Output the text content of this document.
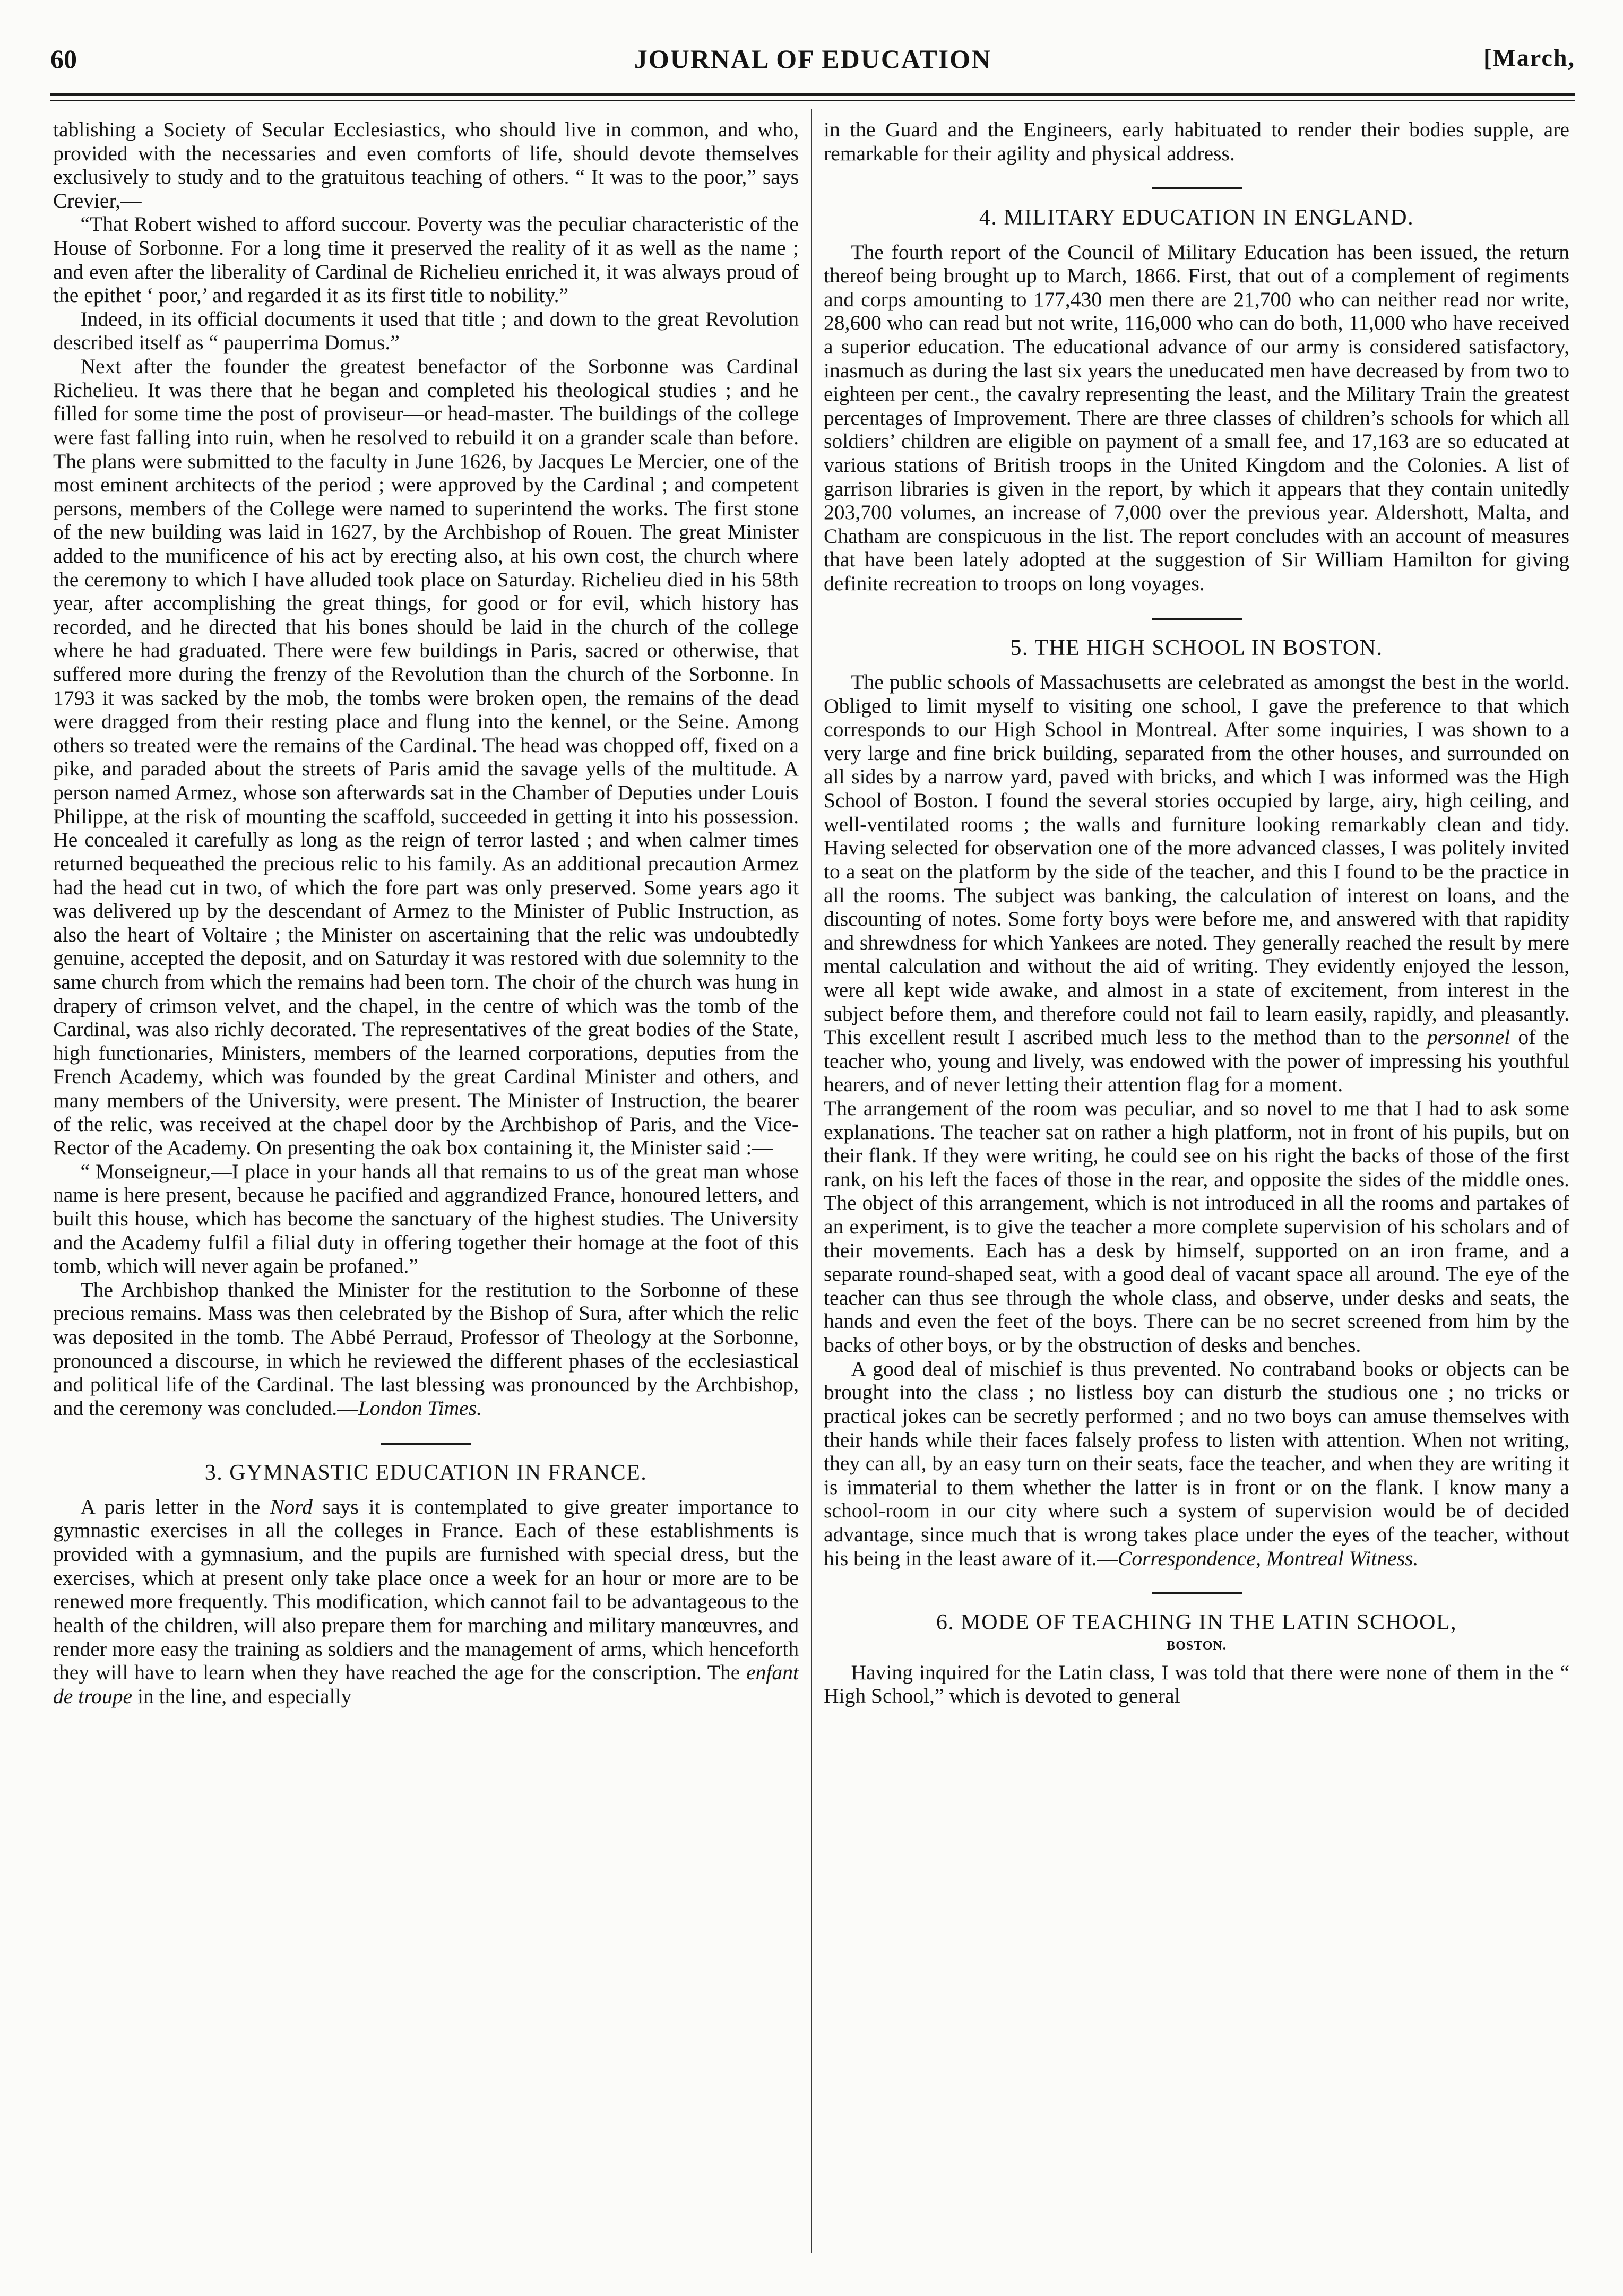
60	JOURNAL OF EDUCATION	[March,

tablishing a Society of Secular Ecclesiastics, who should live in common, and who, provided with the necessaries and even comforts of life, should devote themselves exclusively to study and to the gratuitous teaching of others. “ It was to the poor,” says Crevier,—

“That Robert wished to afford succour. Poverty was the peculiar characteristic of the House of Sorbonne. For a long time it preserved the reality of it as well as the name ; and even after the liberality of Cardinal de Richelieu enriched it, it was always proud of the epithet ‘ poor,’ and regarded it as its first title to nobility.”

Indeed, in its official documents it used that title ; and down to the great Revolution described itself as “ pauperrima Domus.”

Next after the founder the greatest benefactor of the Sorbonne was Cardinal Richelieu. It was there that he began and completed his theological studies ; and he filled for some time the post of proviseur—or head-master. The buildings of the college were fast falling into ruin, when he resolved to rebuild it on a grander scale than before. The plans were submitted to the faculty in June 1626, by Jacques Le Mercier, one of the most eminent architects of the period ; were approved by the Cardinal ; and competent persons, members of the College were named to superintend the works. The first stone of the new building was laid in 1627, by the Archbishop of Rouen. The great Minister added to the munificence of his act by erecting also, at his own cost, the church where the ceremony to which I have alluded took place on Saturday. Richelieu died in his 58th year, after accomplishing the great things, for good or for evil, which history has recorded, and he directed that his bones should be laid in the church of the college where he had graduated. There were few buildings in Paris, sacred or otherwise, that suffered more during the frenzy of the Revolution than the church of the Sorbonne. In 1793 it was sacked by the mob, the tombs were broken open, the remains of the dead were dragged from their resting place and flung into the kennel, or the Seine. Among others so treated were the remains of the Cardinal. The head was chopped off, fixed on a pike, and paraded about the streets of Paris amid the savage yells of the multitude. A person named Armez, whose son afterwards sat in the Chamber of Deputies under Louis Philippe, at the risk of mounting the scaffold, succeeded in getting it into his possession. He concealed it carefully as long as the reign of terror lasted ; and when calmer times returned bequeathed the precious relic to his family. As an additional precaution Armez had the head cut in two, of which the fore part was only preserved. Some years ago it was delivered up by the descendant of Armez to the Minister of Public Instruction, as also the heart of Voltaire ; the Minister on ascertaining that the relic was undoubtedly genuine, accepted the deposit, and on Saturday it was restored with due solemnity to the same church from which the remains had been torn. The choir of the church was hung in drapery of crimson velvet, and the chapel, in the centre of which was the tomb of the Cardinal, was also richly decorated. The representatives of the great bodies of the State, high functionaries, Ministers, members of the learned corporations, deputies from the French Academy, which was founded by the great Cardinal Minister and others, and many members of the University, were present. The Minister of Instruction, the bearer of the relic, was received at the chapel door by the Archbishop of Paris, and the Vice-Rector of the Academy. On presenting the oak box containing it, the Minister said :—

“ Monseigneur,—I place in your hands all that remains to us of the great man whose name is here present, because he pacified and aggrandized France, honoured letters, and built this house, which has become the sanctuary of the highest studies. The University and the Academy fulfil a filial duty in offering together their homage at the foot of this tomb, which will never again be profaned.”

The Archbishop thanked the Minister for the restitution to the Sorbonne of these precious remains. Mass was then celebrated by the Bishop of Sura, after which the relic was deposited in the tomb. The Abbé Perraud, Professor of Theology at the Sorbonne, pronounced a discourse, in which he reviewed the different phases of the ecclesiastical and political life of the Cardinal. The last blessing was pronounced by the Archbishop, and the ceremony was concluded.—London Times.

3. GYMNASTIC EDUCATION IN FRANCE.

A paris letter in the Nord says it is contemplated to give greater importance to gymnastic exercises in all the colleges in France. Each of these establishments is provided with a gymnasium, and the pupils are furnished with special dress, but the exercises, which at present only take place once a week for an hour or more are to be renewed more frequently. This modification, which cannot fail to be advantageous to the health of the children, will also prepare them for marching and military manœuvres, and render more easy the training as soldiers and the management of arms, which henceforth they will have to learn when they have reached the age for the conscription. The enfant de troupe in the line, and especially

in the Guard and the Engineers, early habituated to render their bodies supple, are remarkable for their agility and physical address.

4. MILITARY EDUCATION IN ENGLAND.

The fourth report of the Council of Military Education has been issued, the return thereof being brought up to March, 1866. First, that out of a complement of regiments and corps amounting to 177,430 men there are 21,700 who can neither read nor write, 28,600 who can read but not write, 116,000 who can do both, 11,000 who have received a superior education. The educational advance of our army is considered satisfactory, inasmuch as during the last six years the uneducated men have decreased by from two to eighteen per cent., the cavalry representing the least, and the Military Train the greatest percentages of Improvement. There are three classes of children’s schools for which all soldiers’ children are eligible on payment of a small fee, and 17,163 are so educated at various stations of British troops in the United Kingdom and the Colonies. A list of garrison libraries is given in the report, by which it appears that they contain unitedly 203,700 volumes, an increase of 7,000 over the previous year. Aldershott, Malta, and Chatham are conspicuous in the list. The report concludes with an account of measures that have been lately adopted at the suggestion of Sir William Hamilton for giving definite recreation to troops on long voyages.

5. THE HIGH SCHOOL IN BOSTON.

The public schools of Massachusetts are celebrated as amongst the best in the world. Obliged to limit myself to visiting one school, I gave the preference to that which corresponds to our High School in Montreal. After some inquiries, I was shown to a very large and fine brick building, separated from the other houses, and surrounded on all sides by a narrow yard, paved with bricks, and which I was informed was the High School of Boston. I found the several stories occupied by large, airy, high ceiling, and well-ventilated rooms ; the walls and furniture looking remarkably clean and tidy. Having selected for observation one of the more advanced classes, I was politely invited to a seat on the platform by the side of the teacher, and this I found to be the practice in all the rooms. The subject was banking, the calculation of interest on loans, and the discounting of notes. Some forty boys were before me, and answered with that rapidity and shrewdness for which Yankees are noted. They generally reached the result by mere mental calculation and without the aid of writing. They evidently enjoyed the lesson, were all kept wide awake, and almost in a state of excitement, from interest in the subject before them, and therefore could not fail to learn easily, rapidly, and pleasantly. This excellent result I ascribed much less to the method than to the personnel of the teacher who, young and lively, was endowed with the power of impressing his youthful hearers, and of never letting their attention flag for a moment.

The arrangement of the room was peculiar, and so novel to me that I had to ask some explanations. The teacher sat on rather a high platform, not in front of his pupils, but on their flank. If they were writing, he could see on his right the backs of those of the first rank, on his left the faces of those in the rear, and opposite the sides of the middle ones. The object of this arrangement, which is not introduced in all the rooms and partakes of an experiment, is to give the teacher a more complete supervision of his scholars and of their movements. Each has a desk by himself, supported on an iron frame, and a separate round-shaped seat, with a good deal of vacant space all around. The eye of the teacher can thus see through the whole class, and observe, under desks and seats, the hands and even the feet of the boys. There can be no secret screened from him by the backs of other boys, or by the obstruction of desks and benches.

A good deal of mischief is thus prevented. No contraband books or objects can be brought into the class ; no listless boy can disturb the studious one ; no tricks or practical jokes can be secretly performed ; and no two boys can amuse themselves with their hands while their faces falsely profess to listen with attention. When not writing, they can all, by an easy turn on their seats, face the teacher, and when they are writing it is immaterial to them whether the latter is in front or on the flank. I know many a school-room in our city where such a system of supervision would be of decided advantage, since much that is wrong takes place under the eyes of the teacher, without his being in the least aware of it.—Correspondence, Montreal Witness.

6. MODE OF TEACHING IN THE LATIN SCHOOL,
BOSTON.

Having inquired for the Latin class, I was told that there were none of them in the “ High School,” which is devoted to general
